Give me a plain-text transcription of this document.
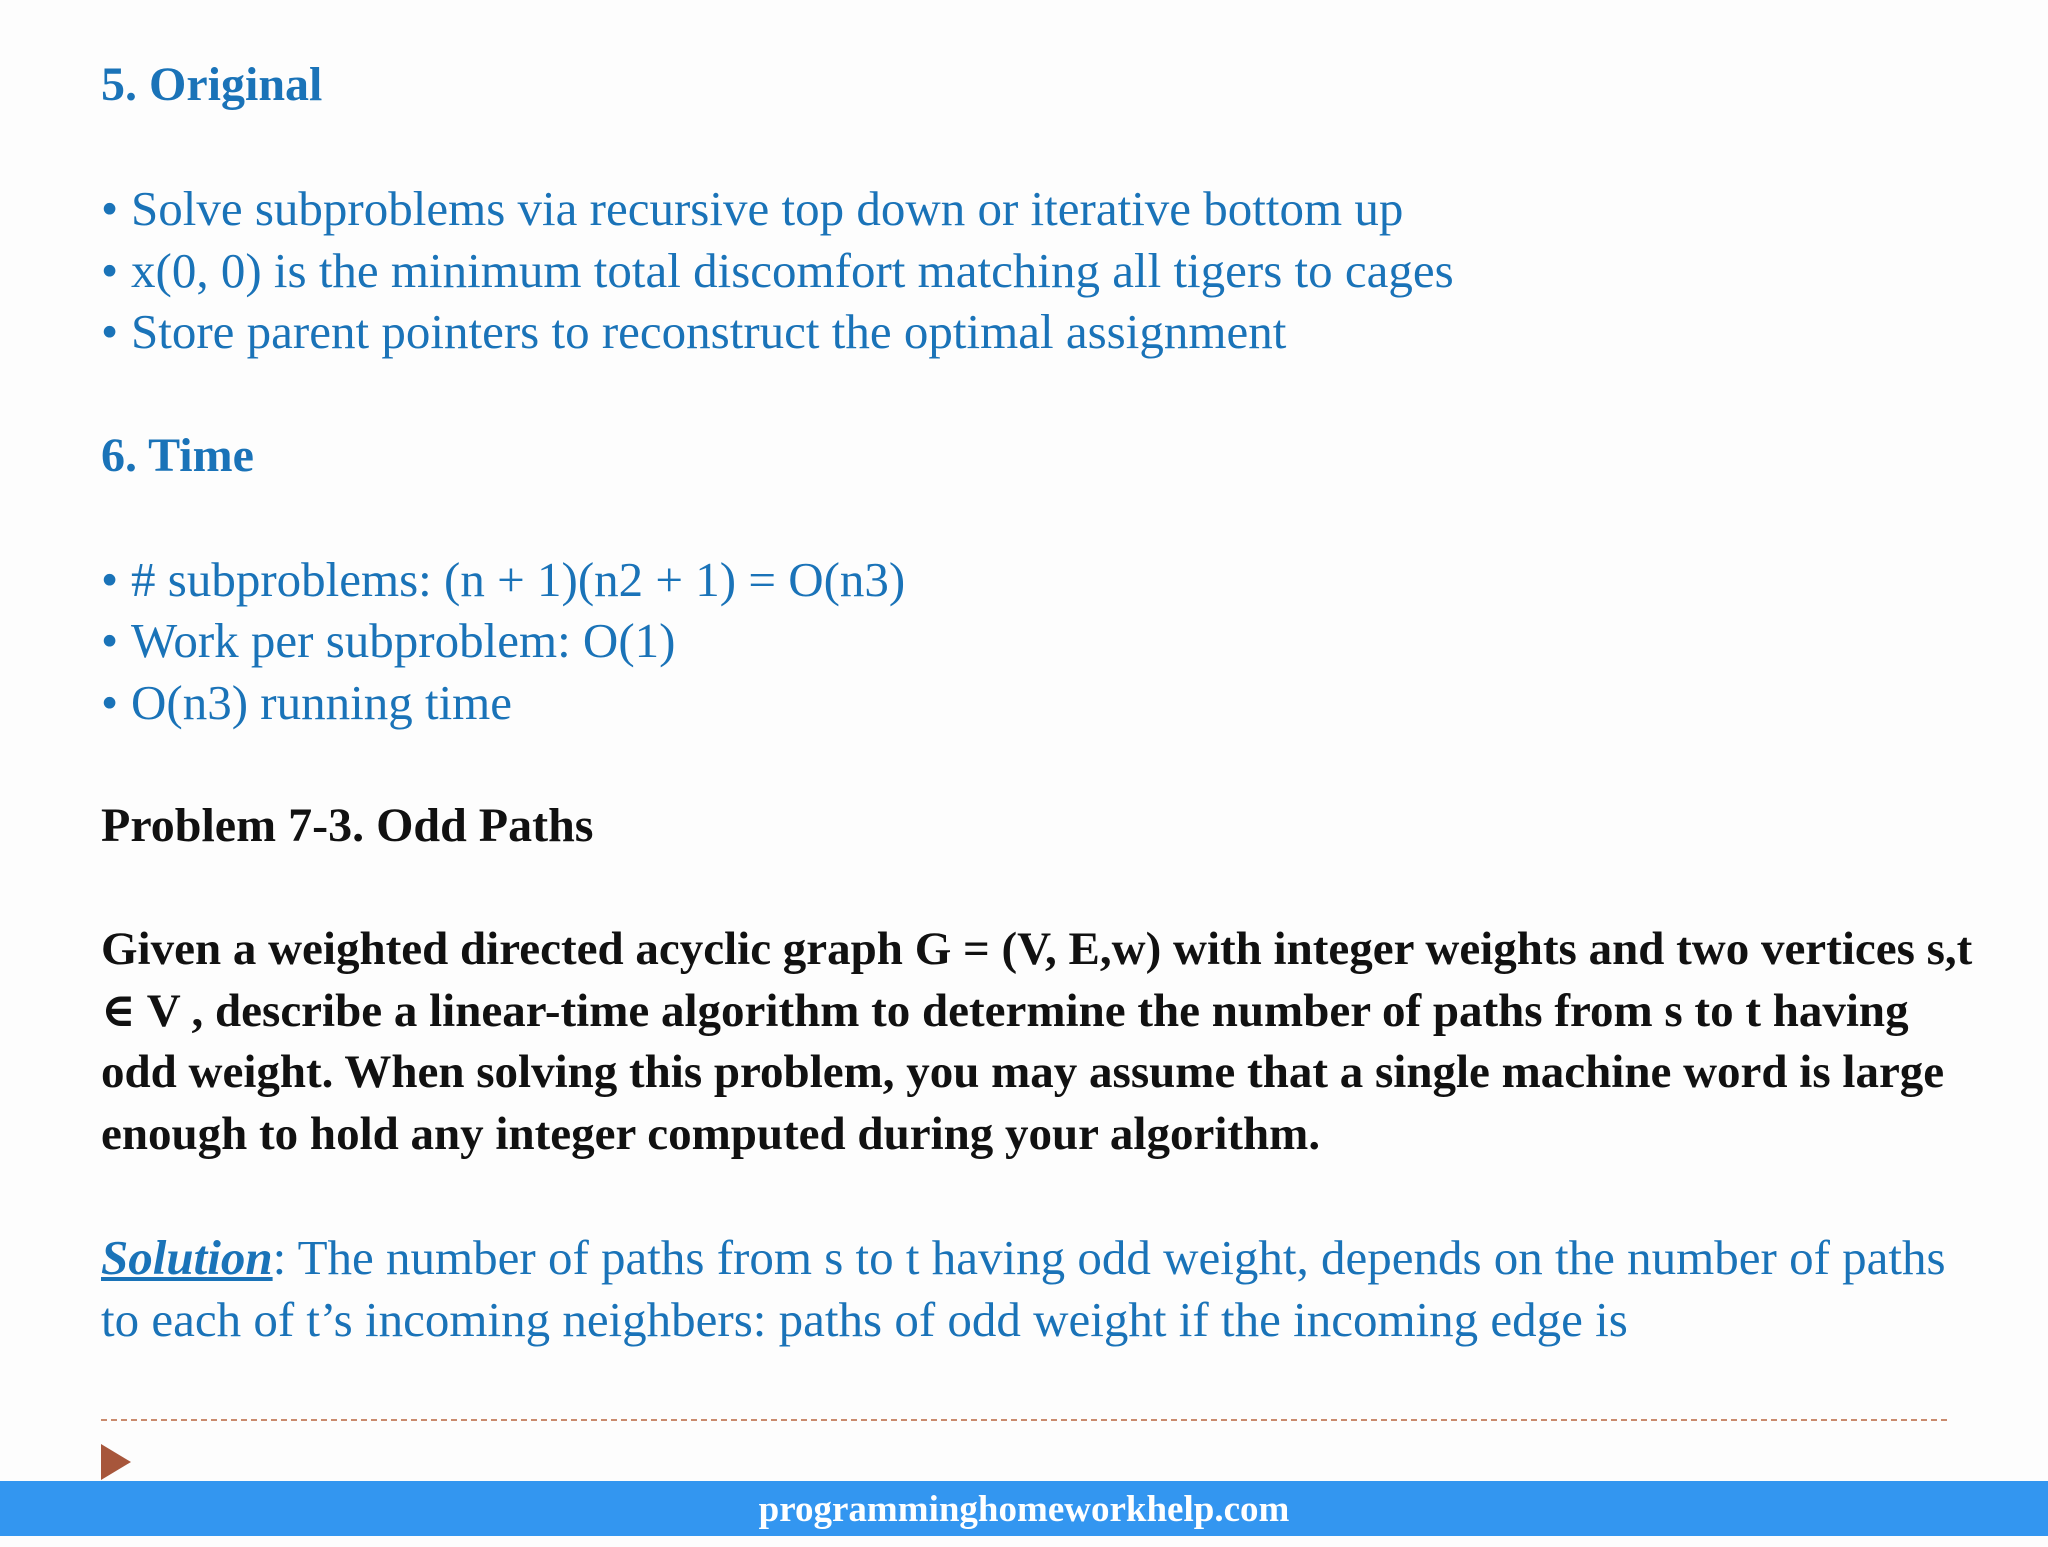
5. Original
• Solve subproblems via recursive top down or iterative bottom up
• x(0, 0) is the minimum total discomfort matching all tigers to cages
• Store parent pointers to reconstruct the optimal assignment
6. Time
• # subproblems: (n + 1)(n2 + 1) = O(n3)
• Work per subproblem: O(1)
• O(n3) running time
Problem 7-3. Odd Paths

Given a weighted directed acyclic graph G = (V, E,w) with integer weights and two vertices s,t ∈ V , describe a linear-time algorithm to determine the number of paths from s to t having odd weight. When solving this problem, you may assume that a single machine word is large enough to hold any integer computed during your algorithm.

Solution: The number of paths from s to t having odd weight, depends on the number of paths to each of t’s incoming neighbers: paths of odd weight if the incoming edge is

programminghomeworkhelp.com
